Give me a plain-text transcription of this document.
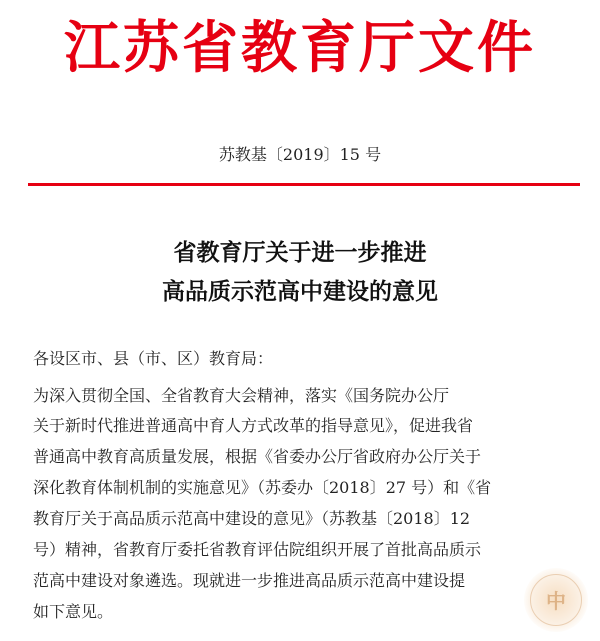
江苏省教育厅文件
苏教基〔2019〕15 号
省教育厅关于进一步推进
高品质示范高中建设的意见
各设区市、县（市、区）教育局：
为深入贯彻全国、全省教育大会精神，落实《国务院办公厅
关于新时代推进普通高中育人方式改革的指导意见》，促进我省
普通高中教育高质量发展，根据《省委办公厅省政府办公厅关于
深化教育体制机制的实施意见》（苏委办〔2018〕27 号）和《省
教育厅关于高品质示范高中建设的意见》（苏教基〔2018〕12
号）精神，省教育厅委托省教育评估院组织开展了首批高品质示
范高中建设对象遴选。现就进一步推进高品质示范高中建设提
如下意见。	中
